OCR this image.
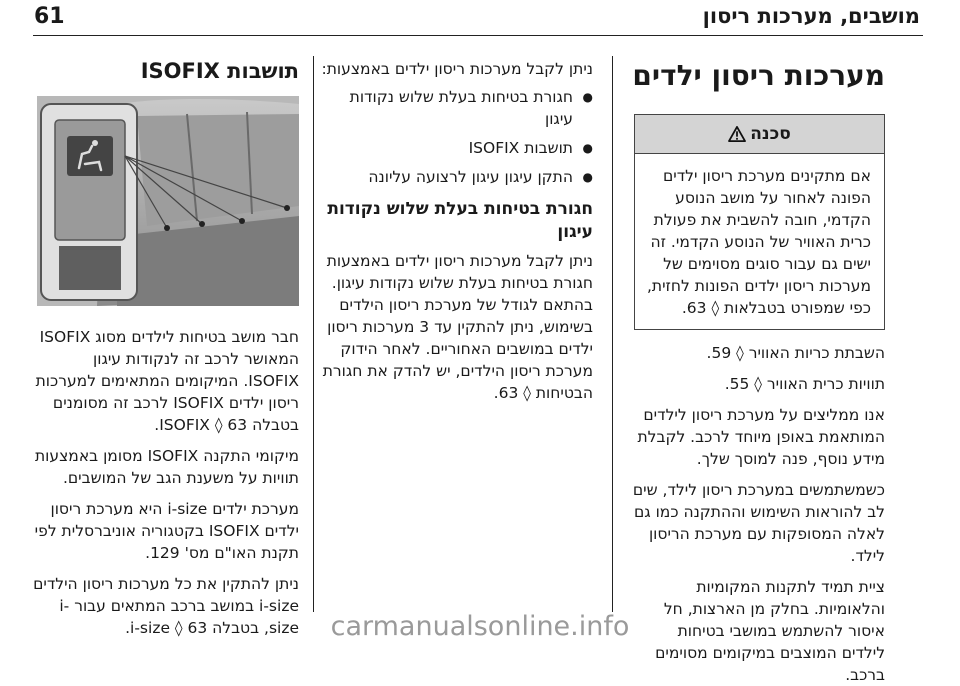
61	מושבים, מערכות ריסון
מערכות ריסון ילדים
סכנה
אם מתקינים מערכת ריסון ילדים הפונה לאחור על מושב הנוסע הקדמי, חובה להשבית את פעולת כרית האוויר של הנוסע הקדמי. זה ישים גם עבור סוגים מסוימים של מערכות ריסון ילדים הפונות לחזית, כפי שמפורט בטבלאות ◊ 63.

השבתת כריות האוויר ◊ 59.

תוויות כרית האוויר ◊ 55.

אנו ממליצים על מערכת ריסון לילדים המותאמת באופן מיוחד לרכב. לקבלת מידע נוסף, פנה למוסך שלך.

כשמשתמשים במערכת ריסון לילד, שים לב להוראות השימוש וההתקנה כמו גם לאלה המסופקות עם מערכת הריסון לילד.

ציית תמיד לתקנות המקומיות והלאומיות. בחלק מן הארצות, חל איסור להשתמש במושבי בטיחות לילדים המוצבים במיקומים מסוימים ברכב.

ניתן לקבל מערכות ריסון ילדים באמצעות:

● חגורת בטיחות בעלת שלוש נקודות עיגון
● תושבות ISOFIX
● התקן עיגון עיגון לרצועה עליונה
חגורת בטיחות בעלת שלוש נקודות עיגון

ניתן לקבל מערכות ריסון ילדים באמצעות חגורת בטיחות בעלת שלוש נקודות עיגון. בהתאם לגודל של מערכת ריסון הילדים בשימוש, ניתן להתקין עד 3 מערכות ריסון ילדים במושבים האחוריים. לאחר הידוק מערכת ריסון הילדים, יש להדק את חגורת הבטיחות ◊ 63.

תושבות ISOFIX

חבר מושב בטיחות לילדים מסוג ISOFIX המאושר לרכב זה לנקודות עיגון ISOFIX. המיקומים המתאימים למערכות ריסון ילדים ISOFIX לרכב זה מסומנים בטבלה ISOFIX ◊ 63.

מיקומי התקנה ISOFIX מסומן באמצעות תוויות על משענת הגב של המושבים.

מערכת ילדים i-size היא מערכת ריסון ילדים ISOFIX בקטגוריה אוניברסלית לפי תקנת האו"ם מס' 129.

ניתן להתקין את כל מערכות ריסון הילדים i-size במושב ברכב המתאים עבור i-size, בטבלה i-size ◊ 63.	carmanualsonline.info
